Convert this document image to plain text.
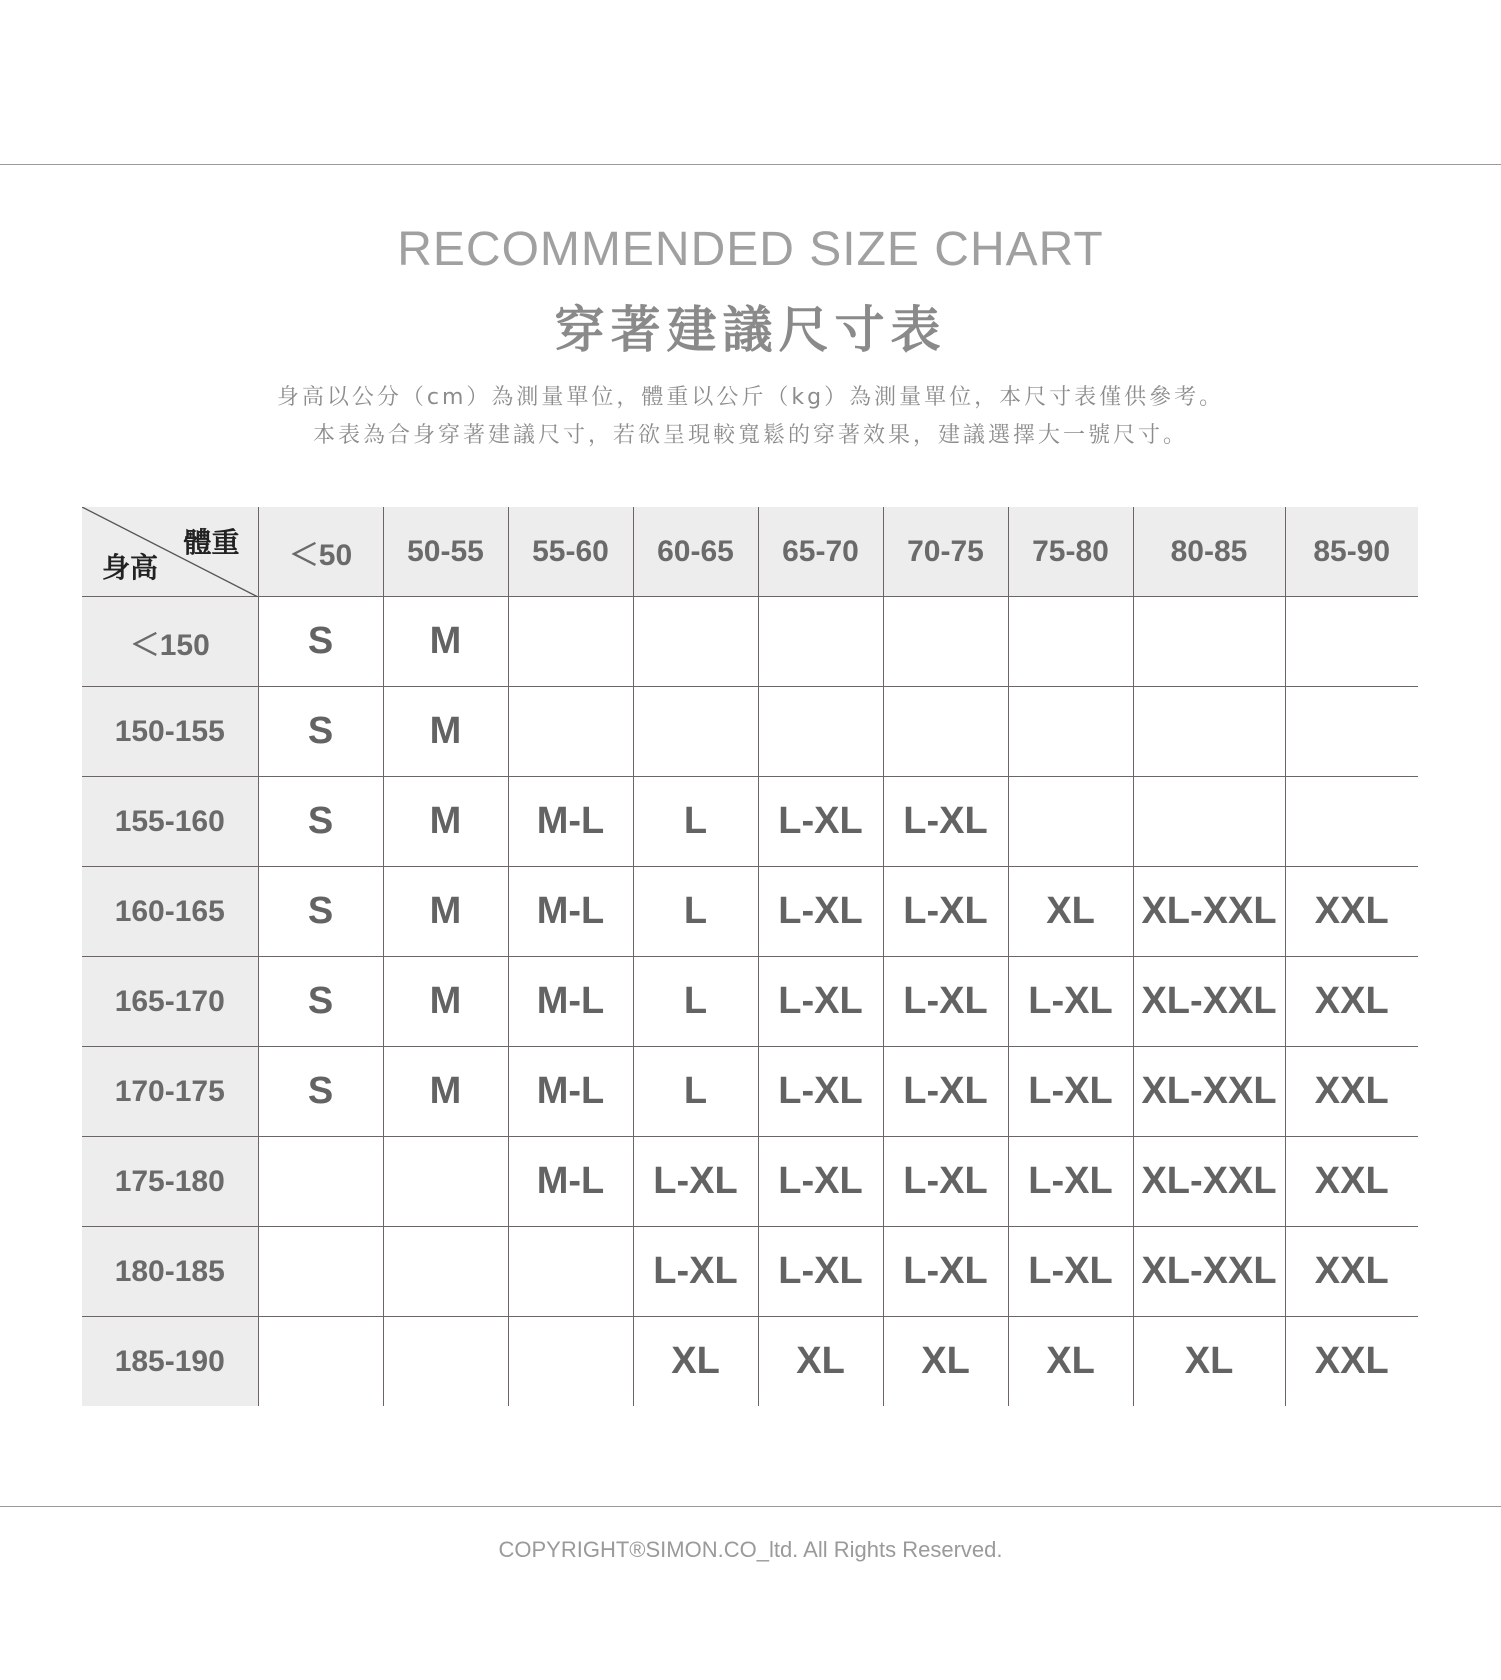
RECOMMENDED SIZE CHART
穿著建議尺寸表
身高以公分（cm）為測量單位，體重以公斤（kg）為測量單位，本尺寸表僅供參考。
本表為合身穿著建議尺寸，若欲呈現較寬鬆的穿著效果，建議選擇大一號尺寸。
體重
身高	＜50	50-55	55-60	60-65	65-70	70-75	75-80	80-85	85-90
＜150	S	M							
150-155	S	M							
155-160	S	M	M-L	L	L-XL	L-XL			
160-165	S	M	M-L	L	L-XL	L-XL	XL	XL-XXL	XXL
165-170	S	M	M-L	L	L-XL	L-XL	L-XL	XL-XXL	XXL
170-175	S	M	M-L	L	L-XL	L-XL	L-XL	XL-XXL	XXL
175-180			M-L	L-XL	L-XL	L-XL	L-XL	XL-XXL	XXL
180-185				L-XL	L-XL	L-XL	L-XL	XL-XXL	XXL
185-190				XL	XL	XL	XL	XL	XXL
COPYRIGHT®SIMON.CO_ltd. All Rights Reserved.
